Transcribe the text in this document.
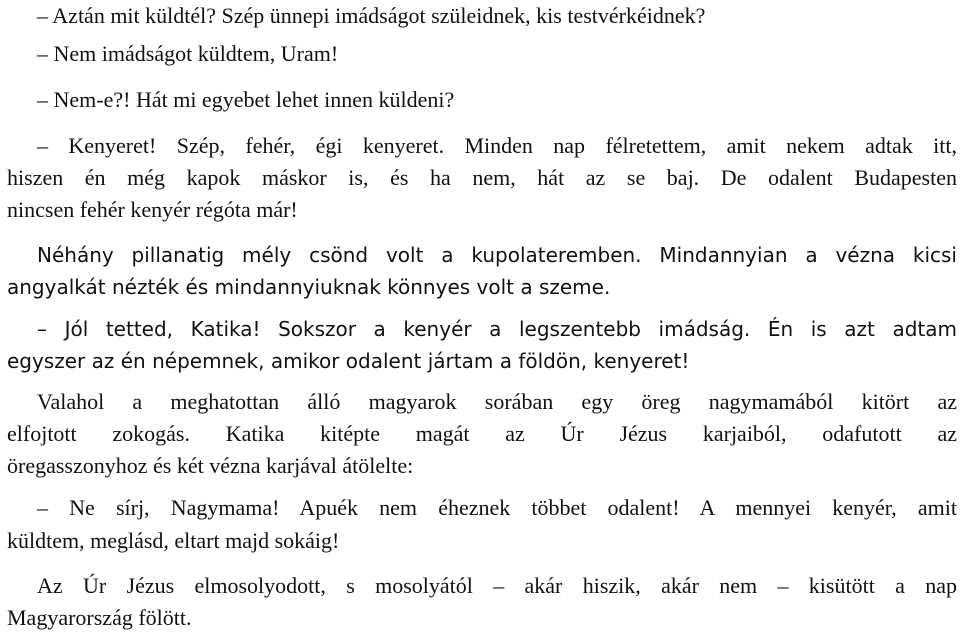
– Aztán mit küldtél? Szép ünnepi imádságot szüleidnek, kis testvérkéidnek?
– Nem imádságot küldtem, Uram!
– Nem-e?! Hát mi egyebet lehet innen küldeni?
– Kenyeret! Szép, fehér, égi kenyeret. Minden nap félretettem, amit nekem adtak itt,
hiszen én még kapok máskor is, és ha nem, hát az se baj. De odalent Budapesten
nincsen fehér kenyér régóta már!
Néhány pillanatig mély csönd volt a kupolateremben. Mindannyian a vézna kicsi
angyalkát nézték és mindannyiuknak könnyes volt a szeme.
– Jól tetted, Katika! Sokszor a kenyér a legszentebb imádság. Én is azt adtam
egyszer az én népemnek, amikor odalent jártam a földön, kenyeret!
Valahol a meghatottan álló magyarok sorában egy öreg nagymamából kitört az
elfojtott zokogás. Katika kitépte magát az Úr Jézus karjaiból, odafutott az
öregasszonyhoz és két vézna karjával átölelte:
– Ne sírj, Nagymama! Apuék nem éheznek többet odalent! A mennyei kenyér, amit
küldtem, meglásd, eltart majd sokáig!
Az Úr Jézus elmosolyodott, s mosolyától – akár hiszik, akár nem – kisütött a nap
Magyarország fölött.
